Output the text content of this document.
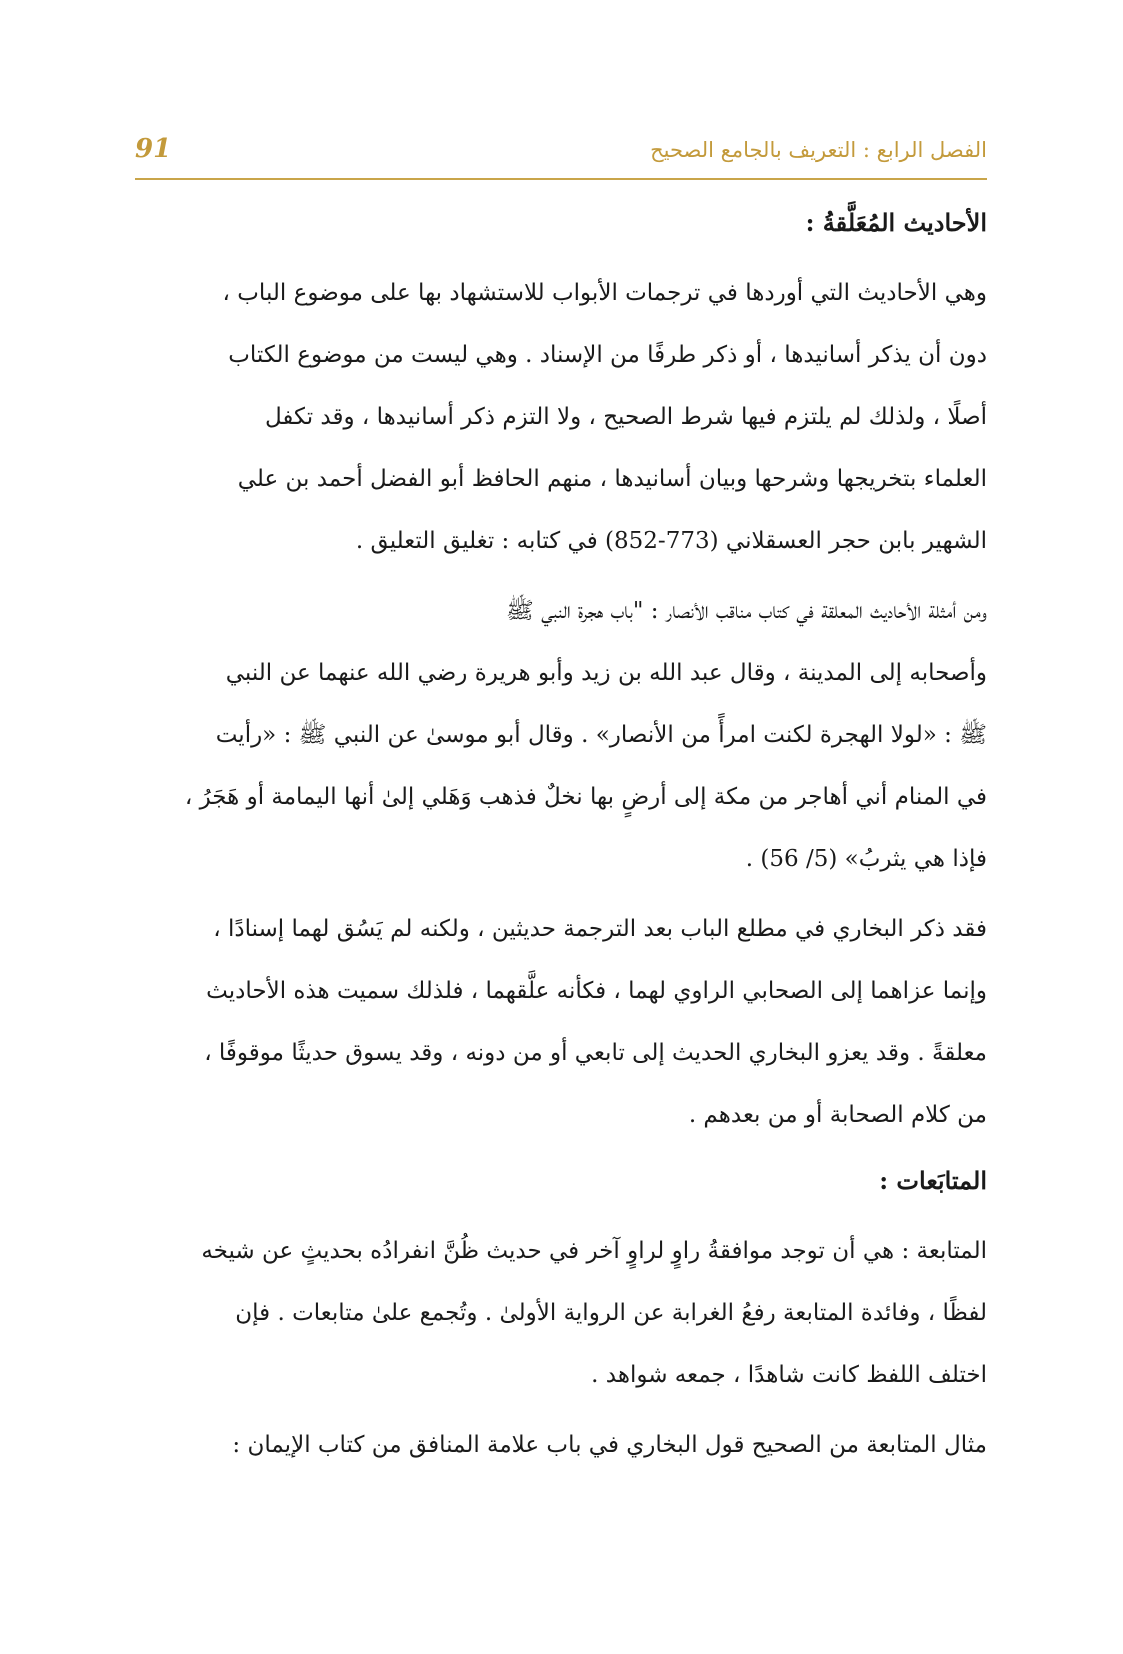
الفصل الرابع : التعريف بالجامع الصحيح
91
الأحاديث المُعَلَّقةُ :
وهي الأحاديث التي أوردها في ترجمات الأبواب للاستشهاد بها على موضوع الباب ،
دون أن يذكر أسانيدها ، أو ذكر طرفًا من الإسناد . وهي ليست من موضوع الكتاب
أصلًا ، ولذلك لم يلتزم فيها شرط الصحيح ، ولا التزم ذكر أسانيدها ، وقد تكفل
العلماء بتخريجها وشرحها وبيان أسانيدها ، منهم الحافظ أبو الفضل أحمد بن علي
الشهير بابن حجر العسقلاني (773-852) في كتابه : تغليق التعليق .
ومن أمثلة الأحاديث المعلقة في كتاب مناقب الأنصار : "باب هجرة النبي ﷺ
وأصحابه إلى المدينة ، وقال عبد الله بن زيد وأبو هريرة رضي الله عنهما عن النبي
ﷺ : «لولا الهجرة لكنت امرأً من الأنصار» . وقال أبو موسىٰ عن النبي ﷺ : «رأيت
في المنام أني أهاجر من مكة إلى أرضٍ بها نخلٌ فذهب وَهَلي إلىٰ أنها اليمامة أو هَجَرُ ،
فإذا هي يثربُ» (5/ 56) .
فقد ذكر البخاري في مطلع الباب بعد الترجمة حديثين ، ولكنه لم يَسُق لهما إسنادًا ،
وإنما عزاهما إلى الصحابي الراوي لهما ، فكأنه علَّقهما ، فلذلك سميت هذه الأحاديث
معلقةً . وقد يعزو البخاري الحديث إلى تابعي أو من دونه ، وقد يسوق حديثًا موقوفًا ،
من كلام الصحابة أو من بعدهم .
المتابَعات :
المتابعة : هي أن توجد موافقةُ راوٍ لراوٍ آخر في حديث ظُنَّ انفرادُه بحديثٍ عن شيخه
لفظًا ، وفائدة المتابعة رفعُ الغرابة عن الرواية الأولىٰ . وتُجمع علىٰ متابعات . فإن
اختلف اللفظ كانت شاهدًا ، جمعه شواهد .
مثال المتابعة من الصحيح قول البخاري في باب علامة المنافق من كتاب الإيمان :
